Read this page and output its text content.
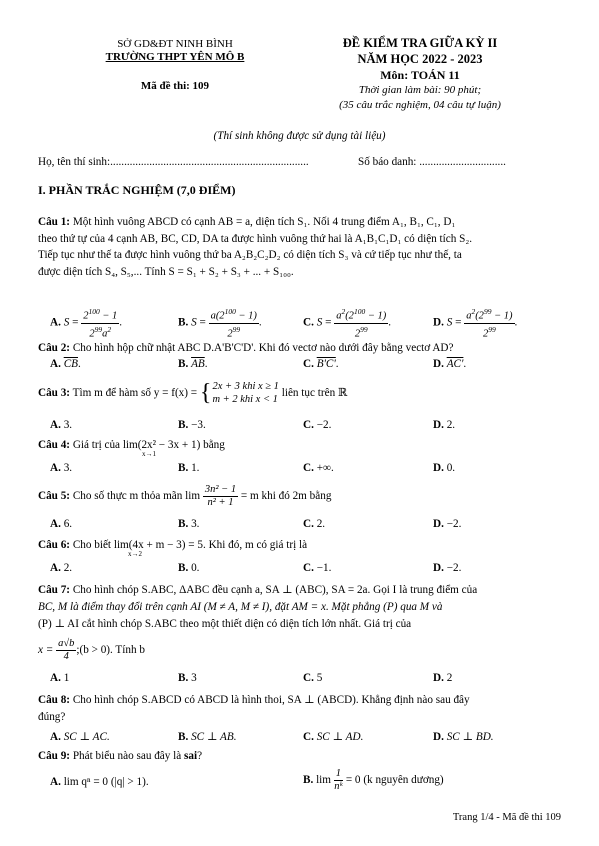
SỞ GD&ĐT NINH BÌNH
TRƯỜNG THPT YÊN MÔ B
Mã đề thi: 109
ĐỀ KIỂM TRA GIỮA KỲ II
NĂM HỌC 2022 - 2023
Môn: TOÁN 11
Thời gian làm bài: 90 phút;
(35 câu trắc nghiệm, 04 câu tự luận)
(Thí sinh không được sử dụng tài liệu)
Họ, tên thí sinh:.......................................................................	Số báo danh: ...............................
I. PHẦN TRẮC NGHIỆM (7,0 ĐIỂM)
Câu 1: Một hình vuông ABCD có cạnh AB = a, diện tích S₁. Nối 4 trung điểm A₁, B₁, C₁, D₁
theo thứ tự của 4 cạnh AB, BC, CD, DA ta được hình vuông thứ hai là A₁B₁C₁D₁ có diện tích S₂.
Tiếp tục như thế ta được hình vuông thứ ba A₂B₂C₂D₂ có diện tích S₃ và cứ tiếp tục như thế, ta
được diện tích S₄, S₅,... Tính S = S₁ + S₂ + S₃ + ... + S₁₀₀.
A. $S = \frac{2^{100} - 1}{2^{99}a^2}$ .	B. $S = \frac{a(2^{100} - 1)}{2^{99}}$ .	C. $S = \frac{a^2(2^{100} - 1)}{2^{99}}$ .	D. $S = \frac{a^2(2^{99} - 1)}{2^{99}}$ .
Câu 2: Cho hình hộp chữ nhật ABC D.A'B'C'D'. Khi đó vectơ nào dưới đây bằng vectơ AD?
A. $\overline{CB}$.	B. $\overline{AB}$.	C. B'C'.	D. AC'.
Câu 3: Tìm m để hàm số y = f(x) = {2x + 3 khi x ≥ 1
m + 2 khi x < 1 liên tục trên ℝ
A. 3.	B. −3.	C. −2.	D. 2.
Câu 4: Giá trị của lim(2x² − 3x + 1) bằng
x→1
A. 3.	B. 1.	C. +∞.	D. 0.
Câu 5: Cho số thực m thỏa mãn $\lim \frac{\text{3n² − 1}}{\text{n² + 1}} = m$ khi đó 2m bằng
A. 6.	B. 3.	C. 2.	D. −2.
Câu 6: Cho biết lim(4x + m − 3) = 5. Khi đó, m có giá trị là
x→2
A. 2.	B. 0.	C. −1.	D. −2.
Câu 7: Cho hình chóp S.ABC, ΔABC đều cạnh a, SA ⊥ (ABC), SA = 2a. Gọi I là trung điểm của
BC, M là điểm thay đổi trên cạnh AI (M ≠ A, M ≠ I), đặt AM = x. Mặt phẳng (P) qua M và
(P) ⊥ AI cắt hình chóp S.ABC theo một thiết diện có diện tích lớn nhất. Giá trị của
$x = \frac{a√b}{4}$ ;(b > 0). Tính b
A. 1	B. 3	C. 5	D. 2
Câu 8: Cho hình chóp S.ABCD có ABCD là hình thoi, SA ⊥ (ABCD). Khẳng định nào sau đây
đúng?
A. SC ⊥ AC.	B. SC ⊥ AB.	C. SC ⊥ AD.	D. SC ⊥ BD.
Câu 9: Phát biểu nào sau đây là sai?
A. lim qⁿ = 0 (|q| > 1).	B. $\lim \frac{1}{\text{nᵏ}} = 0$ (k nguyên dương)
Trang 1/4 - Mã đề thi 109
